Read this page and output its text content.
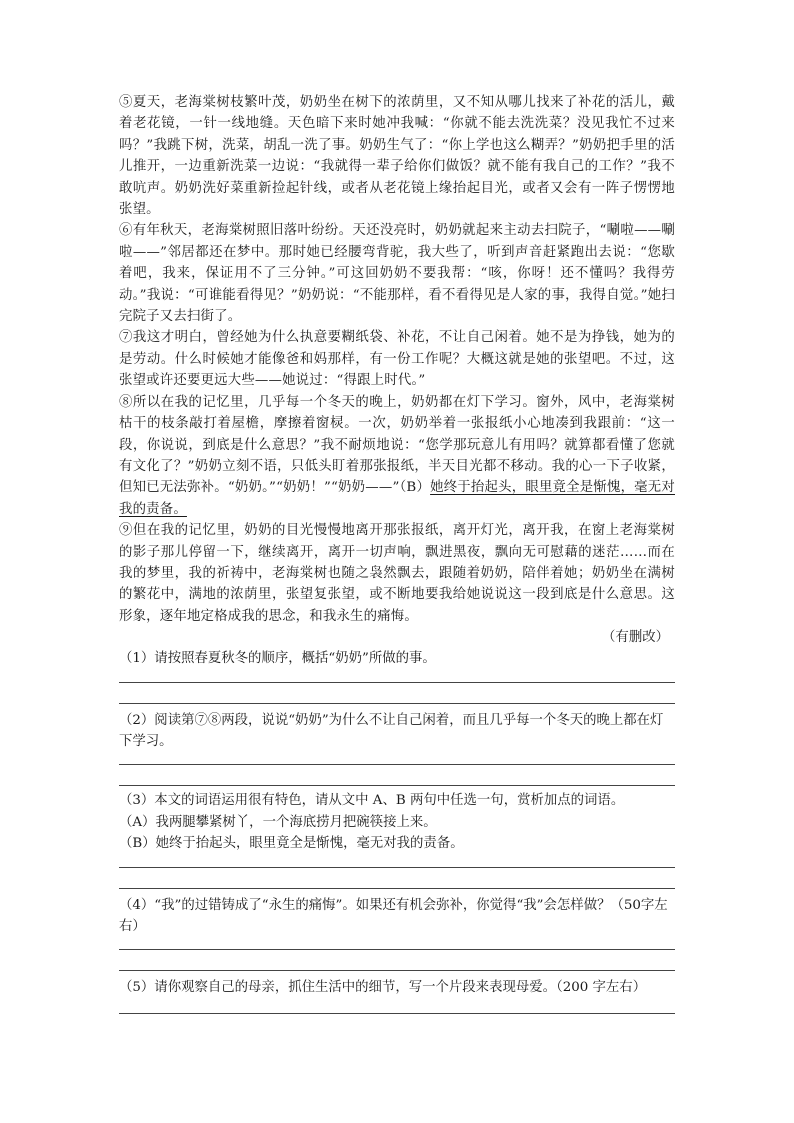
⑤夏天，老海棠树枝繁叶茂，奶奶坐在树下的浓荫里，又不知从哪儿找来了补花的活儿，戴着老花镜，一针一线地缝。天色暗下来时她冲我喊：“你就不能去洗洗菜？没见我忙不过来吗？”我跳下树，洗菜，胡乱一洗了事。奶奶生气了：“你上学也这么糊弄？”奶奶把手里的活儿推开，一边重新洗菜一边说：“我就得一辈子给你们做饭？就不能有我自己的工作？”我不敢吭声。奶奶洗好菜重新捡起针线，或者从老花镜上缘抬起目光，或者又会有一阵子愣愣地张望。

⑥有年秋天，老海棠树照旧落叶纷纷。天还没亮时，奶奶就起来主动去扫院子，“唰啦——唰啦——”邻居都还在梦中。那时她已经腰弯背驼，我大些了，听到声音赶紧跑出去说：“您歇着吧，我来，保证用不了三分钟。”可这回奶奶不要我帮：“咳，你呀！还不懂吗？我得劳动。”我说：“可谁能看得见？”奶奶说：“不能那样，看不看得见是人家的事，我得自觉。”她扫完院子又去扫街了。

⑦我这才明白，曾经她为什么执意要糊纸袋、补花，不让自己闲着。她不是为挣钱，她为的是劳动。什么时候她才能像爸和妈那样，有一份工作呢？大概这就是她的张望吧。不过，这张望或许还要更远大些——她说过：“得跟上时代。”

⑧所以在我的记忆里，几乎每一个冬天的晚上，奶奶都在灯下学习。窗外，风中，老海棠树枯干的枝条敲打着屋檐，摩擦着窗棂。一次，奶奶举着一张报纸小心地凑到我跟前：“这一段，你说说，到底是什么意思？”我不耐烦地说：“您学那玩意儿有用吗？就算都看懂了您就有文化了？”奶奶立刻不语，只低头盯着那张报纸，半天目光都不移动。我的心一下子收紧，但知已无法弥补。“奶奶。”“奶奶！”“奶奶——”（B）她终于抬起头，眼里竟全是惭愧，毫无对我的责备。

⑨但在我的记忆里，奶奶的目光慢慢地离开那张报纸，离开灯光，离开我，在窗上老海棠树的影子那儿停留一下，继续离开，离开一切声响，飘进黑夜，飘向无可慰藉的迷茫……而在我的梦里，我的祈祷中，老海棠树也随之袅然飘去，跟随着奶奶，陪伴着她；奶奶坐在满树的繁花中，满地的浓荫里，张望复张望，或不断地要我给她说说这一段到底是什么意思。这形象，逐年地定格成我的思念，和我永生的痛悔。

（有删改）

（1）请按照春夏秋冬的顺序，概括“奶奶”所做的事。

（2）阅读第⑦⑧两段，说说“奶奶”为什么不让自己闲着，而且几乎每一个冬天的晚上都在灯下学习。

（3）本文的词语运用很有特色，请从文中 A、B 两句中任选一句，赏析加点的词语。

（A）我两腿攀紧树丫，一个海底捞月把碗筷接上来。

（B）她终于抬起头，眼里竟全是惭愧，毫无对我的责备。

（4）“我”的过错铸成了“永生的痛悔”。如果还有机会弥补，你觉得“我”会怎样做？（50字左右）

（5）请你观察自己的母亲，抓住生活中的细节，写一个片段来表现母爱。（200 字左右）
